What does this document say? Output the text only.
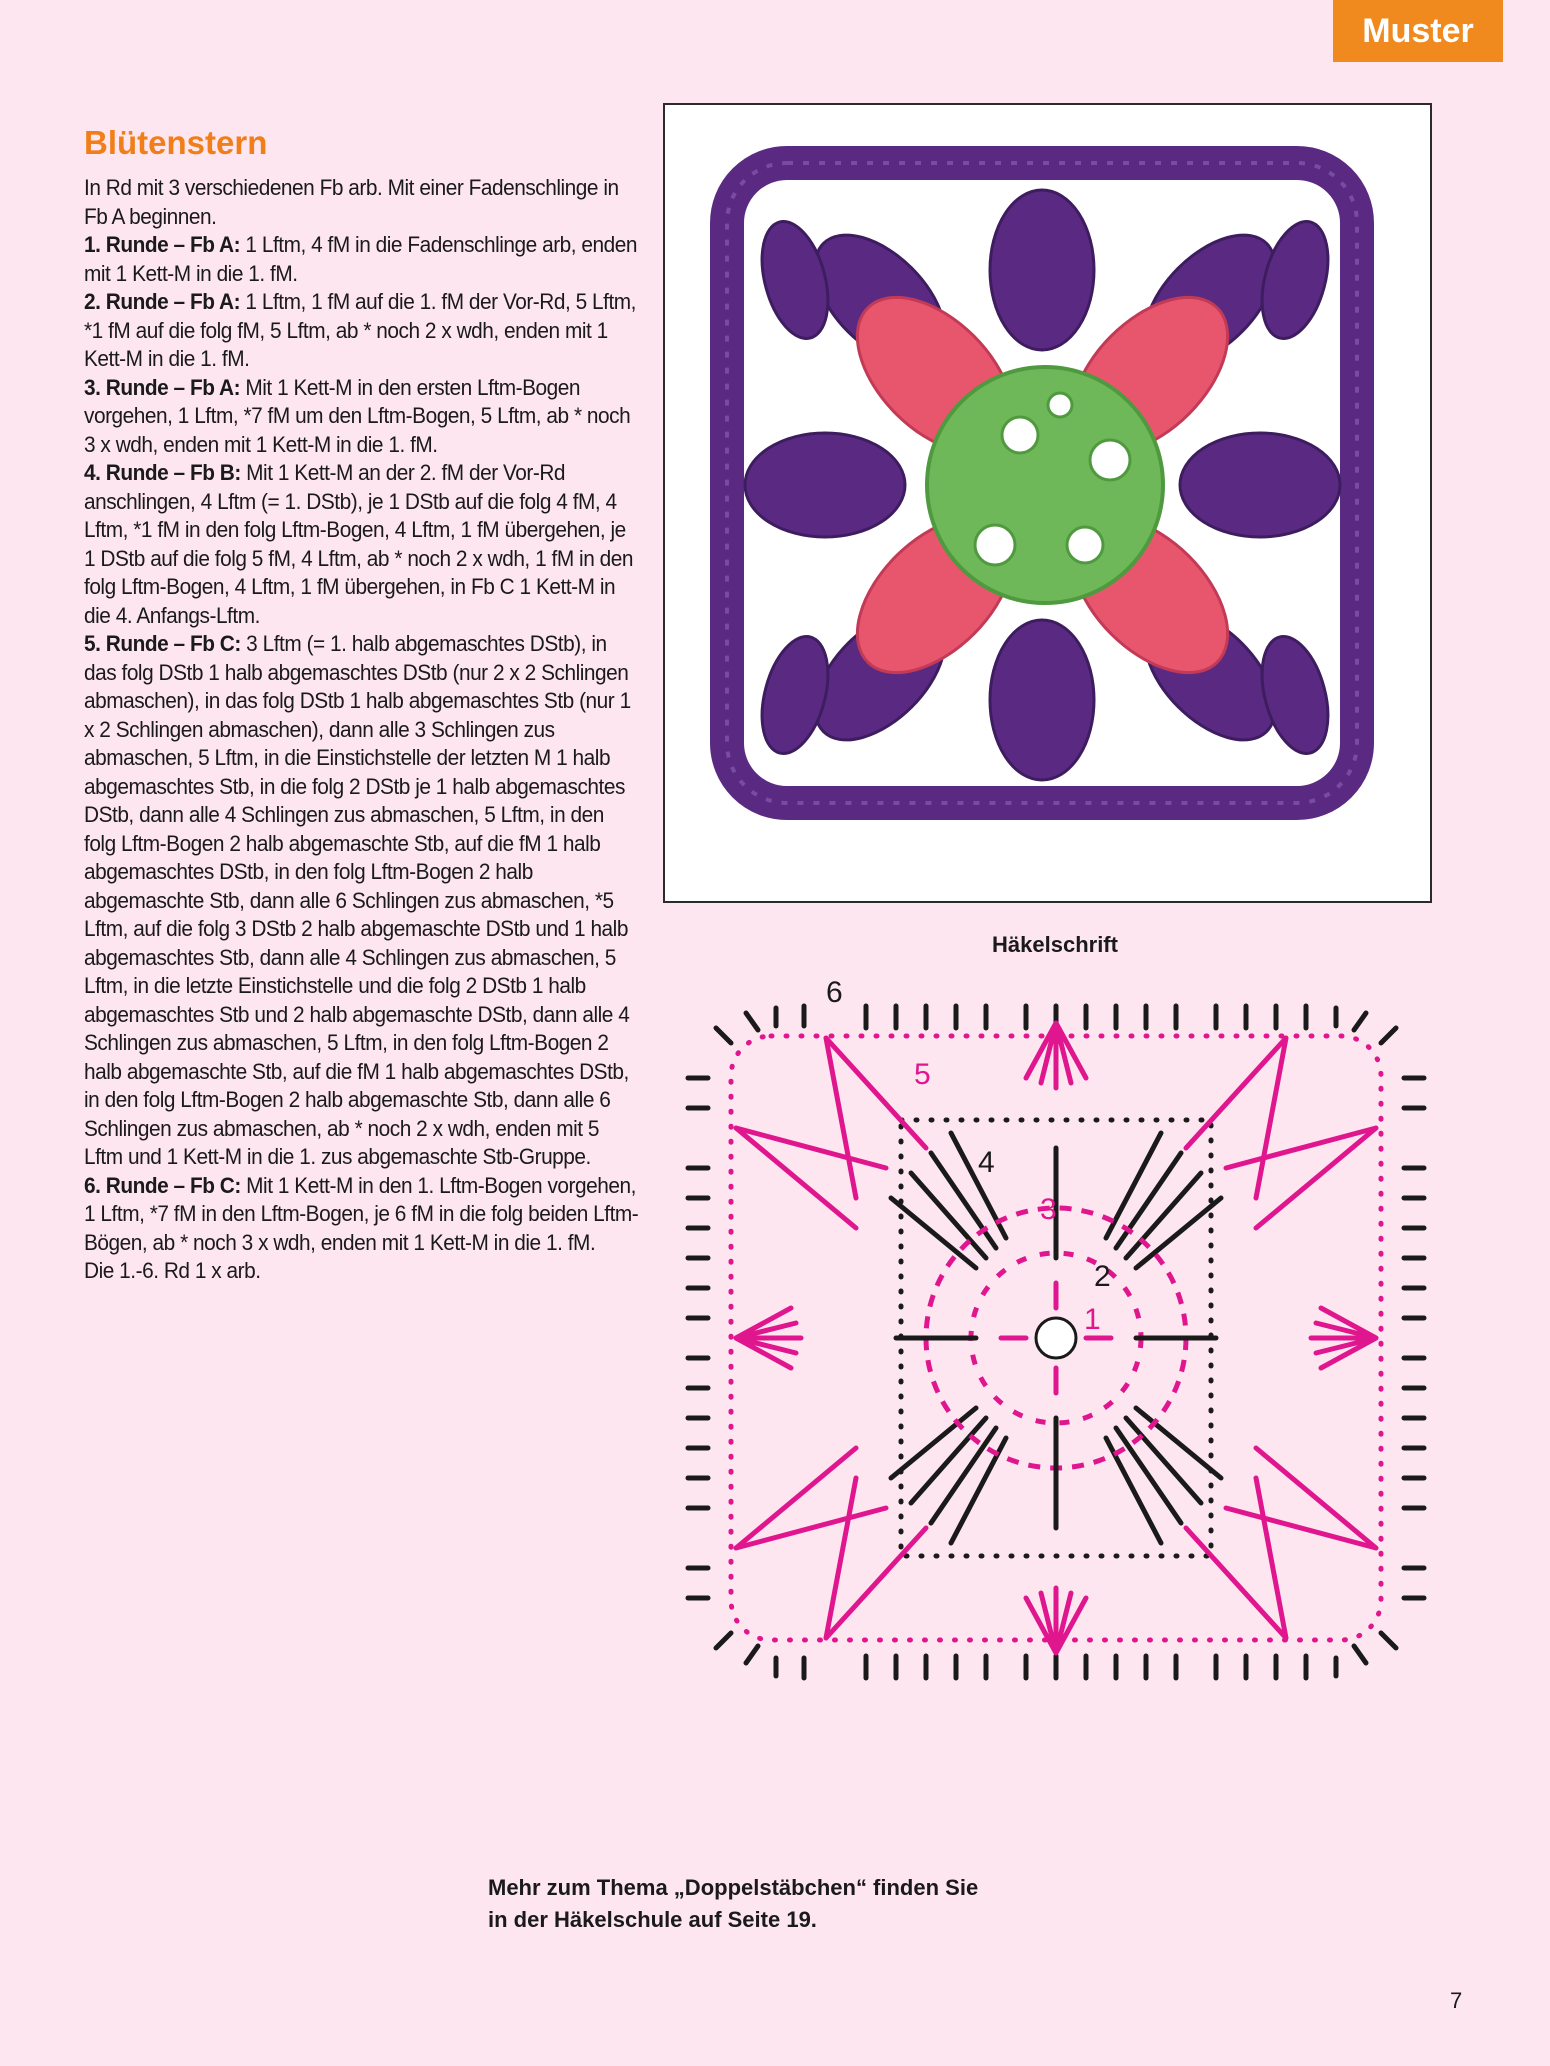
Muster
Blütenstern

In Rd mit 3 verschiedenen Fb arb. Mit einer Fadenschlinge in Fb A beginnen.

1. Runde – Fb A: 1 Lftm, 4 fM in die Fadenschlinge arb, enden mit 1 Kett-M in die 1. fM.

2. Runde – Fb A: 1 Lftm, 1 fM auf die 1. fM der Vor-Rd, 5 Lftm, *1 fM auf die folg fM, 5 Lftm, ab * noch 2 x wdh, enden mit 1 Kett-M in die 1. fM.

3. Runde – Fb A: Mit 1 Kett-M in den ersten Lftm-Bogen vorgehen, 1 Lftm, *7 fM um den Lftm-Bogen, 5 Lftm, ab * noch 3 x wdh, enden mit 1 Kett-M in die 1. fM.

4. Runde – Fb B: Mit 1 Kett-M an der 2. fM der Vor-Rd anschlingen, 4 Lftm (= 1. DStb), je 1 DStb auf die folg 4 fM, 4 Lftm, *1 fM in den folg Lftm-Bogen, 4 Lftm, 1 fM übergehen, je 1 DStb auf die folg 5 fM, 4 Lftm, ab * noch 2 x wdh, 1 fM in den folg Lftm-Bogen, 4 Lftm, 1 fM übergehen, in Fb C 1 Kett-M in die 4. Anfangs-Lftm.

5. Runde – Fb C: 3 Lftm (= 1. halb abgemaschtes DStb), in das folg DStb 1 halb abgemaschtes DStb (nur 2 x 2 Schlingen abmaschen), in das folg DStb 1 halb abgemaschtes Stb (nur 1 x 2 Schlingen abmaschen), dann alle 3 Schlingen zus abmaschen, 5 Lftm, in die Einstichstelle der letzten M 1 halb abgemaschtes Stb, in die folg 2 DStb je 1 halb abgemaschtes DStb, dann alle 4 Schlingen zus abmaschen, 5 Lftm, in den folg Lftm-Bogen 2 halb abgemaschte Stb, auf die fM 1 halb abgemaschtes DStb, in den folg Lftm-Bogen 2 halb abgemaschte Stb, dann alle 6 Schlingen zus abmaschen, *5 Lftm, auf die folg 3 DStb 2 halb abgemaschte DStb und 1 halb abgemaschtes Stb, dann alle 4 Schlingen zus abmaschen, 5 Lftm, in die letzte Einstichstelle und die folg 2 DStb 1 halb abgemaschtes Stb und 2 halb abgemaschte DStb, dann alle 4 Schlingen zus abmaschen, 5 Lftm, in den folg Lftm-Bogen 2 halb abgemaschte Stb, auf die fM 1 halb abgemaschtes DStb, in den folg Lftm-Bogen 2 halb abgemaschte Stb, dann alle 6 Schlingen zus abmaschen, ab * noch 2 x wdh, enden mit 5 Lftm und 1 Kett-M in die 1. zus abgemaschte Stb-Gruppe.

6. Runde – Fb C: Mit 1 Kett-M in den 1. Lftm-Bogen vorgehen, 1 Lftm, *7 fM in den Lftm-Bogen, je 6 fM in die folg beiden Lftm-Bögen, ab * noch 3 x wdh, enden mit 1 Kett-M in die 1. fM.

Die 1.-6. Rd 1 x arb.

Häkelschrift
1
2
3
4
5
6

Mehr zum Thema „Doppelstäbchen“ finden Sie

in der Häkelschule auf Seite 19.

7
